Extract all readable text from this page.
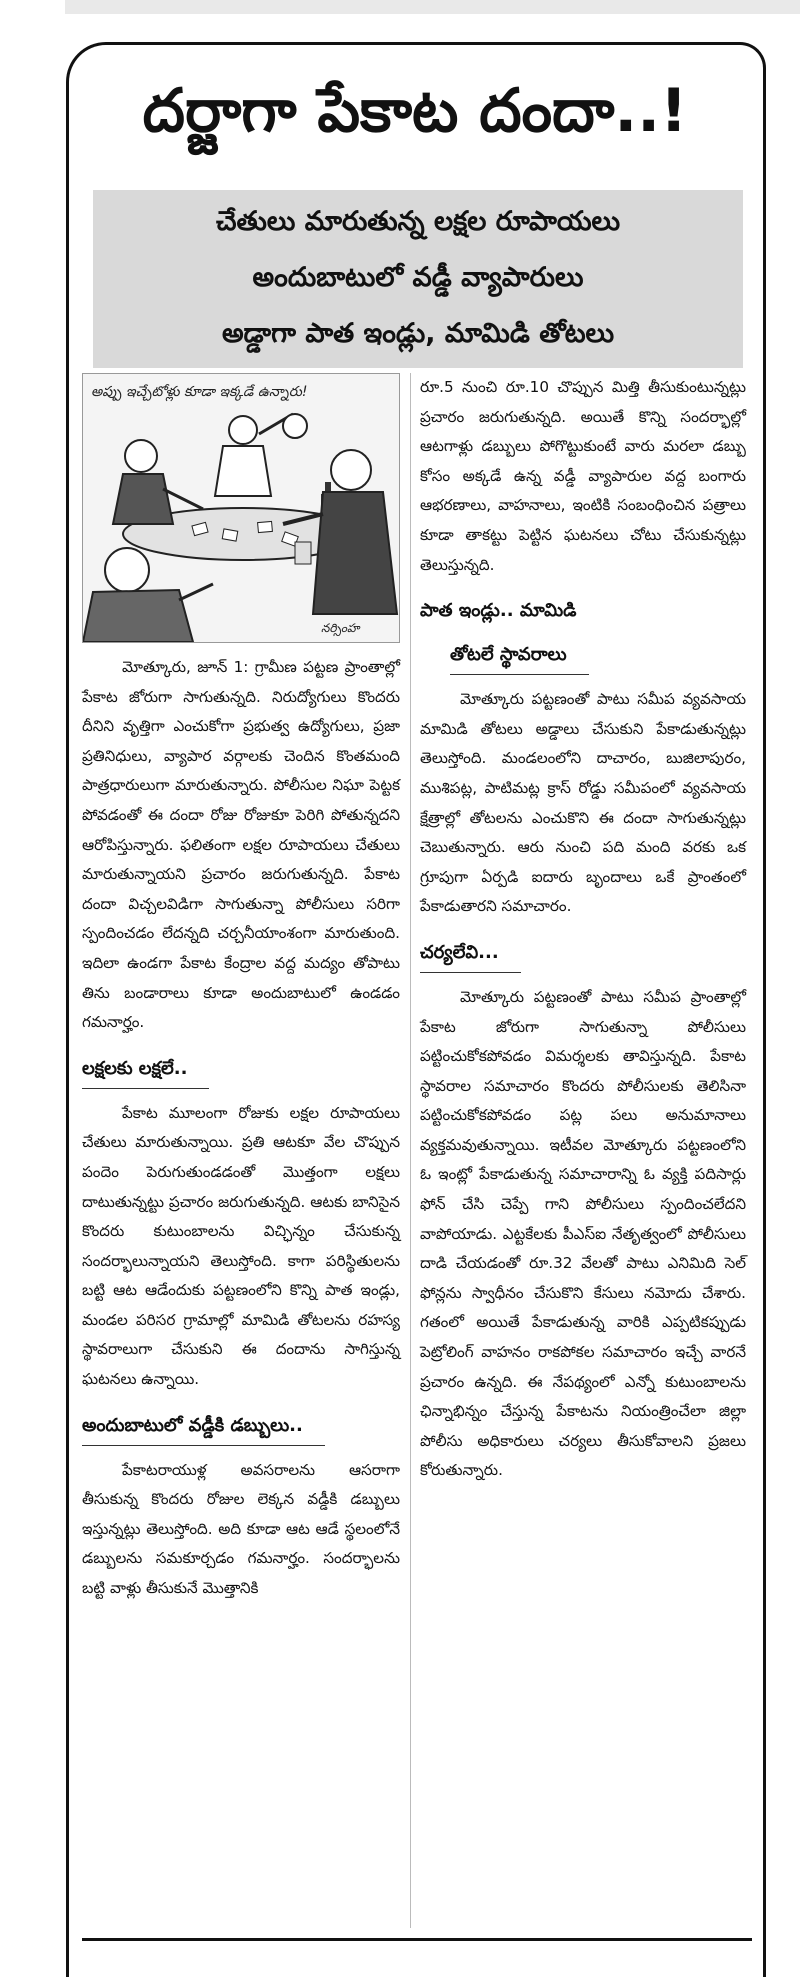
దర్జాగా పేకాట దందా..!
చేతులు మారుతున్న లక్షల రూపాయలు
అందుబాటులో వడ్డీ వ్యాపారులు
అడ్డాగా పాత ఇండ్లు, మామిడి తోటలు
అప్పు ఇచ్చేటోళ్లు కూడా ఇక్కడే ఉన్నారు!
నర్సింహ

మోత్కూరు, జూన్ 1: గ్రామీణ పట్టణ ప్రాంతాల్లో పేకాట జోరుగా సాగుతున్నది. నిరుద్యోగులు కొందరు దీనిని వృత్తిగా ఎంచుకోగా ప్రభుత్వ ఉద్యోగులు, ప్రజా ప్రతినిధులు, వ్యాపార వర్గాలకు చెందిన కొంతమంది పాత్రధారులుగా మారుతున్నారు. పోలీసుల నిఘా పెట్టక పోవడంతో ఈ దందా రోజు రోజుకూ పెరిగి పోతున్నదని ఆరోపిస్తున్నారు. ఫలితంగా లక్షల రూపాయలు చేతులు మారుతున్నాయని ప్రచారం జరుగుతున్నది. పేకాట దందా విచ్చలవిడిగా సాగుతున్నా పోలీసులు సరిగా స్పందించడం లేదన్నది చర్చనీయాంశంగా మారుతుంది. ఇదిలా ఉండగా పేకాట కేంద్రాల వద్ద మద్యం తోపాటు తిను బండారాలు కూడా అందుబాటులో ఉండడం గమనార్హం.

లక్షలకు లక్షలే..

పేకాట మూలంగా రోజుకు లక్షల రూపాయలు చేతులు మారుతున్నాయి. ప్రతి ఆటకూ వేల చొప్పున పందెం పెరుగుతుండడంతో మొత్తంగా లక్షలు దాటుతున్నట్టు ప్రచారం జరుగుతున్నది. ఆటకు బానిసైన కొందరు కుటుంబాలను విచ్ఛిన్నం చేసుకున్న సందర్భాలున్నాయని తెలుస్తోంది. కాగా పరిస్థితులను బట్టి ఆట ఆడేందుకు పట్టణంలోని కొన్ని పాత ఇండ్లు, మండల పరిసర గ్రామాల్లో మామిడి తోటలను రహస్య స్థావరాలుగా చేసుకుని ఈ దందాను సాగిస్తున్న ఘటనలు ఉన్నాయి.

అందుబాటులో వడ్డీకి డబ్బులు..

పేకాటరాయుళ్ల అవసరాలను ఆసరాగా తీసుకున్న కొందరు రోజుల లెక్కన వడ్డీకి డబ్బులు ఇస్తున్నట్లు తెలుస్తోంది. అది కూడా ఆట ఆడే స్థలంలోనే డబ్బులను సమకూర్చడం గమనార్హం. సందర్భాలను బట్టి వాళ్లు తీసుకునే మొత్తానికి

రూ.5 నుంచి రూ.10 చొప్పున మిత్తి తీసుకుంటున్నట్లు ప్రచారం జరుగుతున్నది. అయితే కొన్ని సందర్భాల్లో ఆటగాళ్లు డబ్బులు పోగొట్టుకుంటే వారు మరలా డబ్బు కోసం అక్కడే ఉన్న వడ్డీ వ్యాపారుల వద్ద బంగారు ఆభరణాలు, వాహనాలు, ఇంటికి సంబంధించిన పత్రాలు కూడా తాకట్టు పెట్టిన ఘటనలు చోటు చేసుకున్నట్లు తెలుస్తున్నది.

పాత ఇండ్లు.. మామిడి
తోటలే స్థావరాలు

మోత్కూరు పట్టణంతో పాటు సమీప వ్యవసాయ మామిడి తోటలు అడ్డాలు చేసుకుని పేకాడుతున్నట్లు తెలుస్తోంది. మండలంలోని దాచారం, బుజిలాపురం, ముశిపట్ల, పాటిమట్ల క్రాస్ రోడ్డు సమీపంలో వ్యవసాయ క్షేత్రాల్లో తోటలను ఎంచుకొని ఈ దందా సాగుతున్నట్లు చెబుతున్నారు. ఆరు నుంచి పది మంది వరకు ఒక గ్రూపుగా ఏర్పడి ఐదారు బృందాలు ఒకే ప్రాంతంలో పేకాడుతారని సమాచారం.

చర్యలేవి...

మోత్కూరు పట్టణంతో పాటు సమీప ప్రాంతాల్లో పేకాట జోరుగా సాగుతున్నా పోలీసులు పట్టించుకోకపోవడం విమర్శలకు తావిస్తున్నది. పేకాట స్థావరాల సమాచారం కొందరు పోలీసులకు తెలిసినా పట్టించుకోకపోవడం పట్ల పలు అనుమానాలు వ్యక్తమవుతున్నాయి. ఇటీవల మోత్కూరు పట్టణంలోని ఓ ఇంట్లో పేకాడుతున్న సమాచారాన్ని ఓ వ్యక్తి పదిసార్లు ఫోన్ చేసి చెప్పే గాని పోలీసులు స్పందించలేదని వాపోయాడు. ఎట్టకేలకు పీఎస్ఐ నేతృత్వంలో పోలీసులు దాడి చేయడంతో రూ.32 వేలతో పాటు ఎనిమిది సెల్ ఫోన్లను స్వాధీనం చేసుకొని కేసులు నమోదు చేశారు. గతంలో అయితే పేకాడుతున్న వారికి ఎప్పటికప్పుడు పెట్రోలింగ్ వాహనం రాకపోకల సమాచారం ఇచ్చే వారనే ప్రచారం ఉన్నది. ఈ నేపథ్యంలో ఎన్నో కుటుంబాలను ఛిన్నాభిన్నం చేస్తున్న పేకాటను నియంత్రించేలా జిల్లా పోలీసు అధికారులు చర్యలు తీసుకోవాలని ప్రజలు కోరుతున్నారు.
